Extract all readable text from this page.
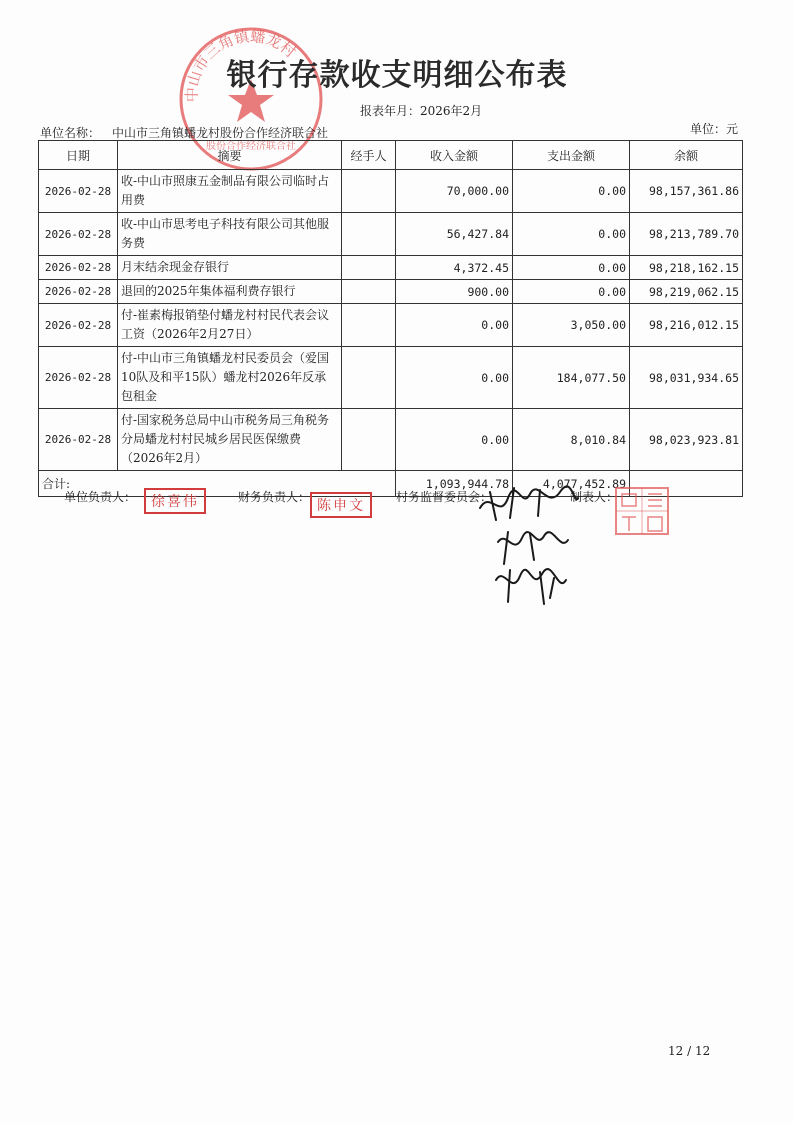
中山市三角镇蟠龙村
股份合作经济联合社
银行存款收支明细公布表
报表年月：2026年2月
单位名称： 中山市三角镇蟠龙村股份合作经济联合社	单位：元
日期	摘要	经手人	收入金额	支出金额	余额
2026-02-28	收-中山市照康五金制品有限公司临时占用费		70,000.00	0.00	98,157,361.86
2026-02-28	收-中山市思考电子科技有限公司其他服务费		56,427.84	0.00	98,213,789.70
2026-02-28	月末结余现金存银行		4,372.45	0.00	98,218,162.15
2026-02-28	退回的2025年集体福利费存银行		900.00	0.00	98,219,062.15
2026-02-28	付-崔素梅报销垫付蟠龙村村民代表会议工资（2026年2月27日）		0.00	3,050.00	98,216,012.15
2026-02-28	付-中山市三角镇蟠龙村民委员会（爱国10队及和平15队）蟠龙村2026年反承包租金		0.00	184,077.50	98,031,934.65
2026-02-28	付-国家税务总局中山市税务局三角税务分局蟠龙村村民城乡居民医保缴费（2026年2月）		0.00	8,010.84	98,023,923.81
合计:			1,093,944.78	4,077,452.89	
单位负责人：	徐喜伟	财务负责人：
陈申文
村务监督委员会：	制表人：
12 / 12
